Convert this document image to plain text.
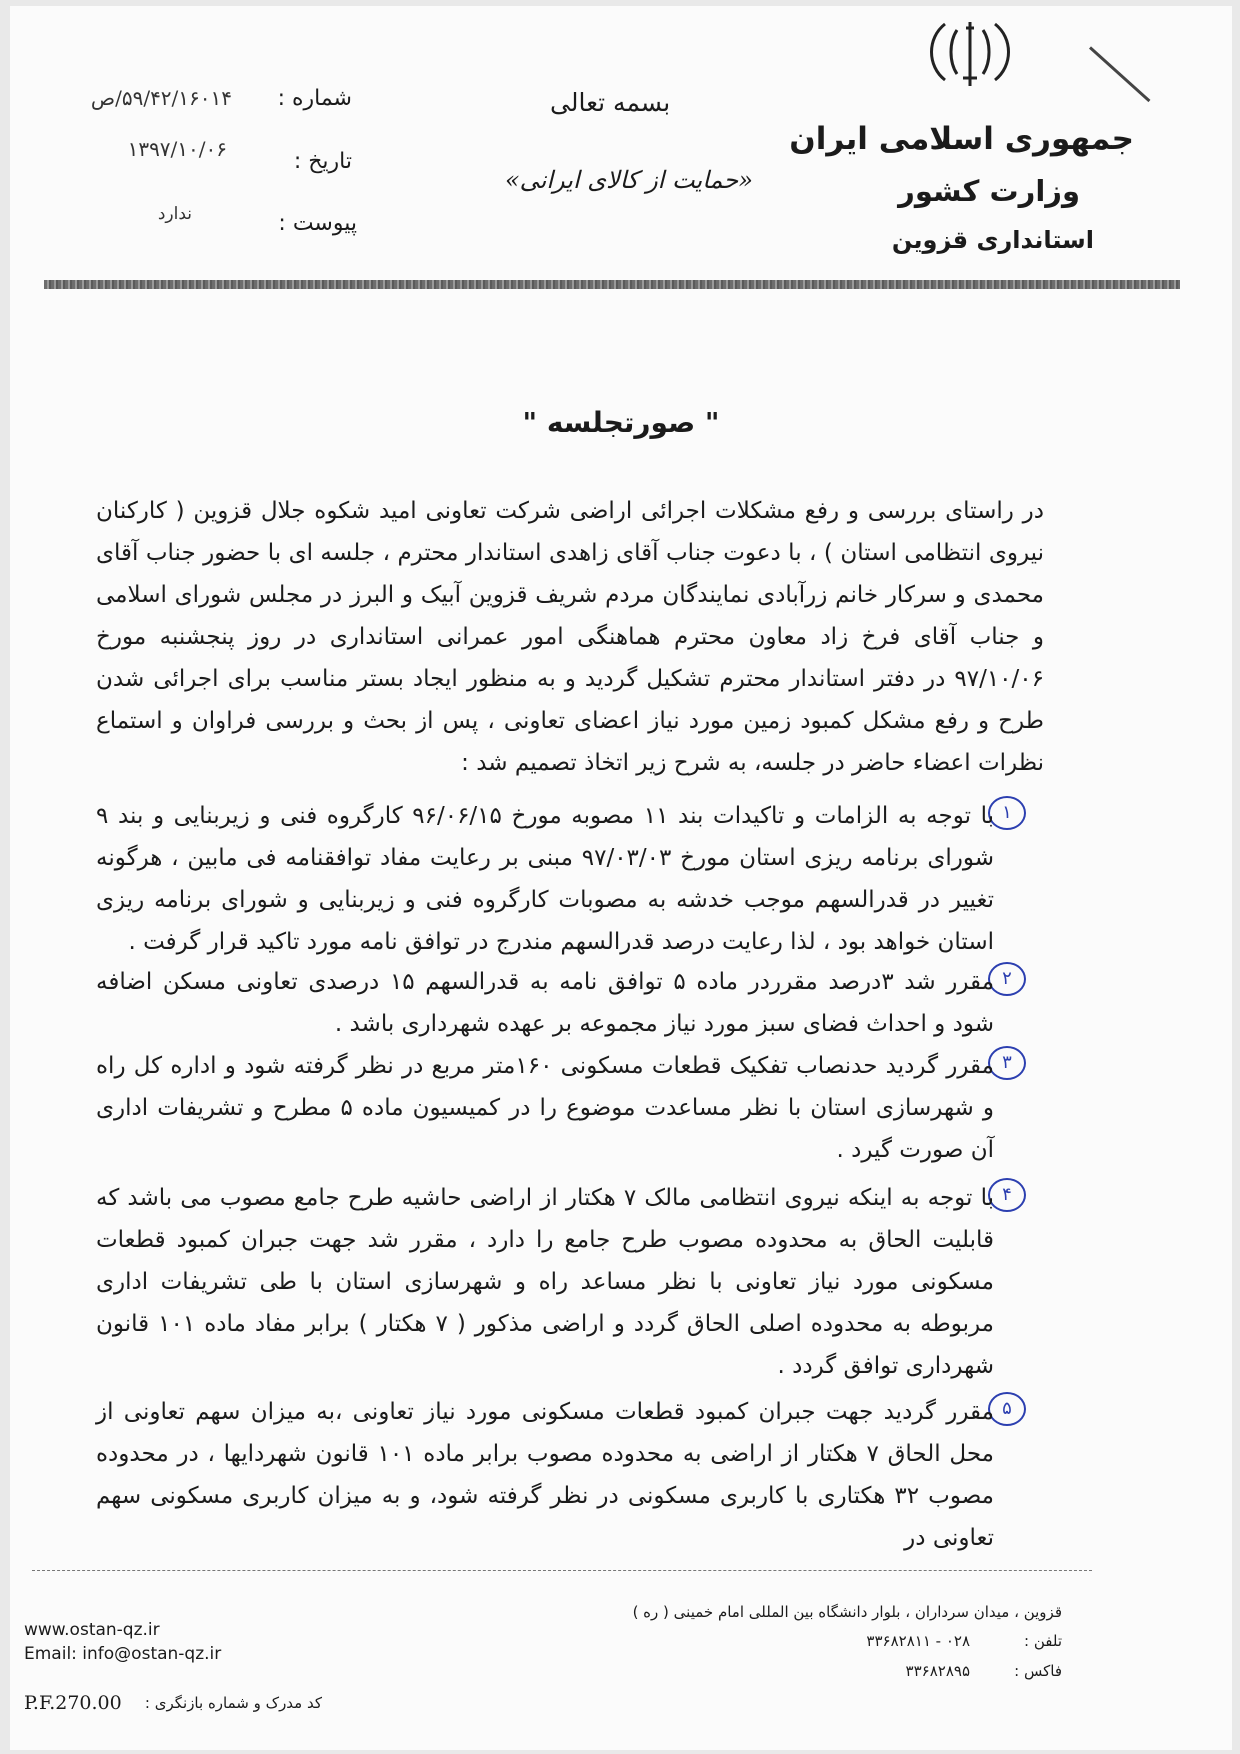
جمهوری اسلامی ایران
وزارت کشور
استانداری قزوین
بسمه تعالی
«حمایت از کالای ایرانی»
شماره :
۵۹/۴۲/۱۶۰۱۴/ص
تاریخ :
۱۳۹۷/۱۰/۰۶
پیوست :
ندارد
" صورتجلسه "
در راستای بررسی و رفع مشکلات اجرائی اراضی شرکت تعاونی امید شکوه جلال قزوین ( کارکنان نیروی انتظامی استان ) ، با دعوت جناب آقای زاهدی استاندار محترم ، جلسه ای با حضور جناب آقای محمدی و سرکار خانم زرآبادی نمایندگان مردم شریف قزوین آبیک و البرز در مجلس شورای اسلامی و جناب آقای فرخ زاد معاون محترم هماهنگی امور عمرانی استانداری در روز پنجشنبه مورخ ۹۷/۱۰/۰۶ در دفتر استاندار محترم تشکیل گردید و به منظور ایجاد بستر مناسب برای اجرائی شدن طرح و رفع مشکل کمبود زمین مورد نیاز اعضای تعاونی ، پس از بحث و بررسی فراوان و استماع نظرات اعضاء حاضر در جلسه، به شرح زیر اتخاذ تصمیم شد :
۱
با توجه به الزامات و تاکیدات بند ۱۱ مصوبه مورخ ۹۶/۰۶/۱۵ کارگروه فنی و زیربنایی و بند ۹ شورای برنامه ریزی استان مورخ ۹۷/۰۳/۰۳ مبنی بر رعایت مفاد توافقنامه فی مابین ، هرگونه تغییر در قدرالسهم موجب خدشه به مصوبات کارگروه فنی و زیربنایی و شورای برنامه ریزی استان خواهد بود ، لذا رعایت درصد قدرالسهم مندرج در توافق نامه مورد تاکید قرار گرفت .
۲
مقرر شد ۳درصد مقرردر ماده ۵ توافق نامه به قدرالسهم ۱۵ درصدی تعاونی مسکن اضافه شود و احداث فضای سبز مورد نیاز مجموعه بر عهده شهرداری باشد .
۳
مقرر گردید حدنصاب تفکیک قطعات مسکونی ۱۶۰متر مربع در نظر گرفته شود و اداره کل راه و شهرسازی استان با نظر مساعدت موضوع را در کمیسیون ماده ۵ مطرح و تشریفات اداری آن صورت گیرد .
۴
با توجه به اینکه نیروی انتظامی مالک ۷ هکتار از اراضی حاشیه طرح جامع مصوب می باشد که قابلیت الحاق به محدوده مصوب طرح جامع را دارد ، مقرر شد جهت جبران کمبود قطعات مسکونی مورد نیاز تعاونی با نظر مساعد راه و شهرسازی استان با طی تشریفات اداری مربوطه به محدوده اصلی الحاق گردد و اراضی مذکور ( ۷ هکتار ) برابر مفاد ماده ۱۰۱ قانون شهرداری توافق گردد .
۵
مقرر گردید جهت جبران کمبود قطعات مسکونی مورد نیاز تعاونی ،به میزان سهم تعاونی از محل الحاق ۷ هکتار از اراضی به محدوده مصوب برابر ماده ۱۰۱ قانون شهردایها ، در محدوده مصوب ۳۲ هکتاری با کاربری مسکونی در نظر گرفته شود، و به میزان کاربری مسکونی سهم تعاونی در
قزوین ، میدان سرداران ، بلوار دانشگاه بین المللی امام خمینی ( ره )
تلفن :
۰۲۸ - ۳۳۶۸۲۸۱۱
فاکس :
۳۳۶۸۲۸۹۵
www.ostan-qz.ir
Email: info@ostan-qz.ir
P.F.270.00 کد مدرک و شماره بازنگری :
